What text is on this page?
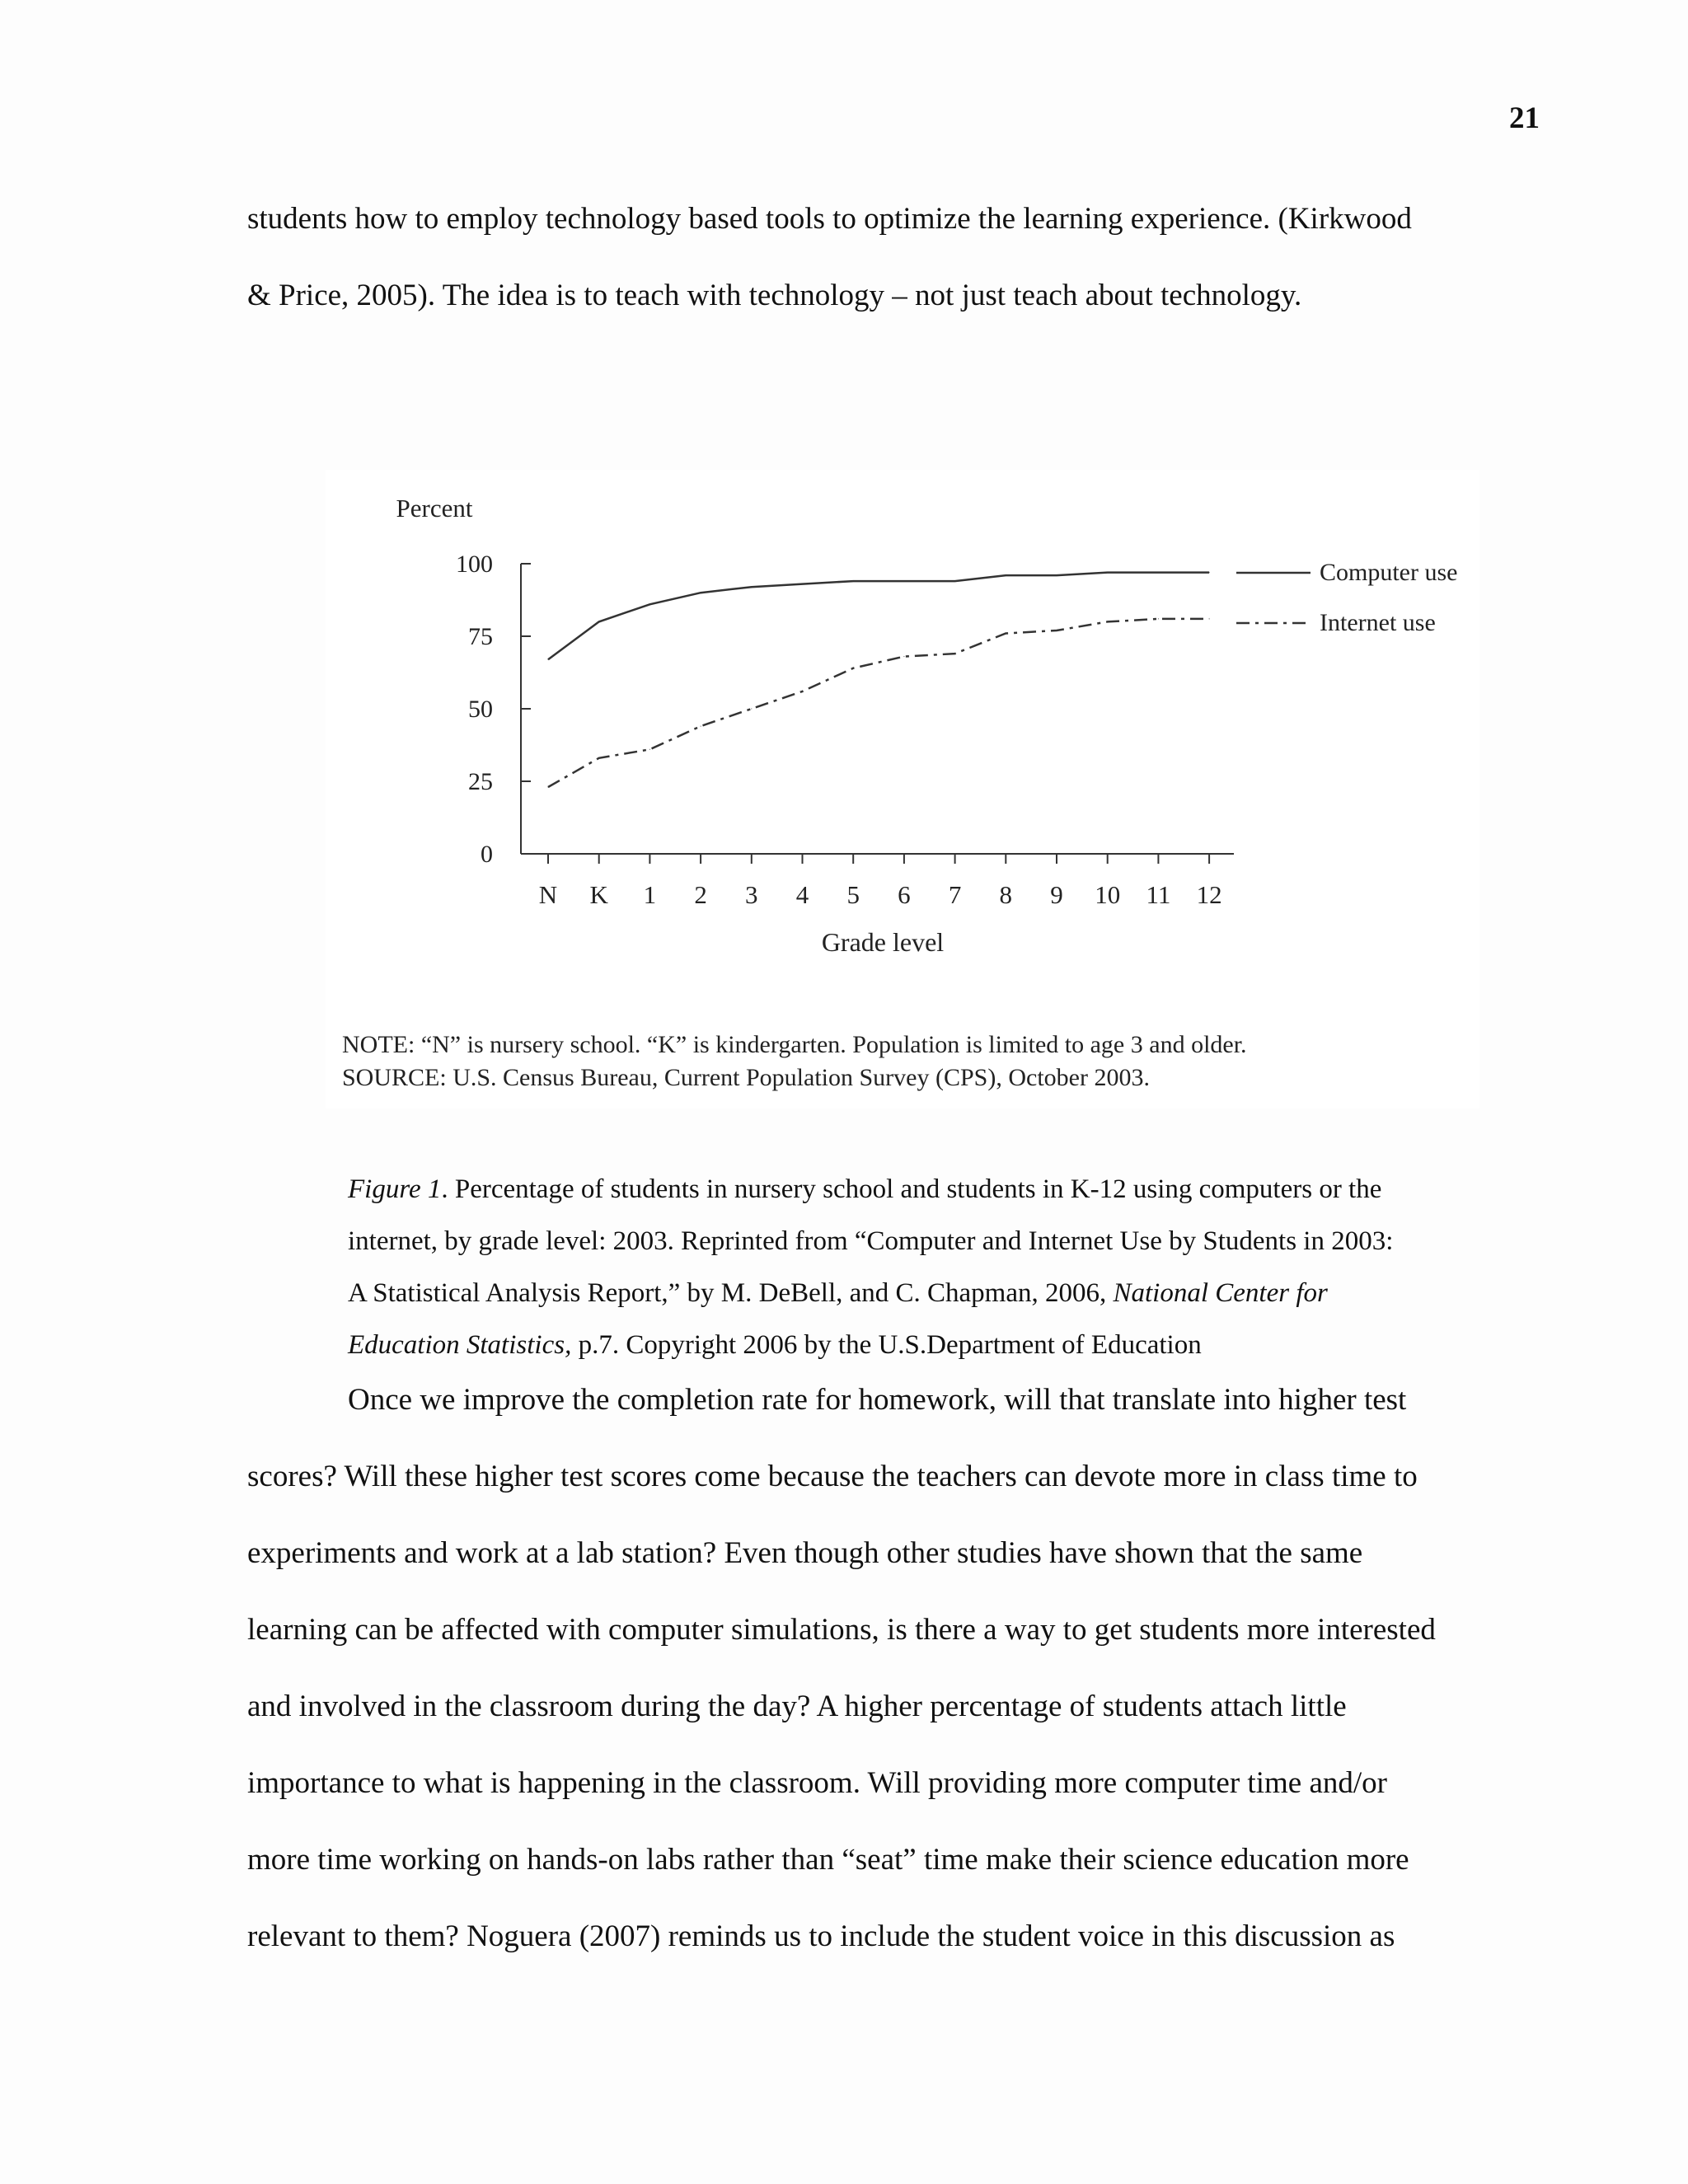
21

students how to employ technology based tools to optimize the learning experience. (Kirkwood
& Price, 2005). The idea is to teach with technology – not just teach about technology.

0
25
50
75
100
N K 1 2 3 4 5 6 7 8 9 10 11 12
Computer use
Internet use
Percent
Grade level

NOTE: “N” is nursery school. “K” is kindergarten. Population is limited to age 3 and older.
SOURCE: U.S. Census Bureau, Current Population Survey (CPS), October 2003.

Figure 1. Percentage of students in nursery school and students in K-12 using computers or the
internet, by grade level: 2003. Reprinted from “Computer and Internet Use by Students in 2003:
A Statistical Analysis Report,” by M. DeBell, and C. Chapman, 2006, National Center for
Education Statistics, p.7. Copyright 2006 by the U.S.Department of Education

Once we improve the completion rate for homework, will that translate into higher test
scores? Will these higher test scores come because the teachers can devote more in class time to
experiments and work at a lab station? Even though other studies have shown that the same
learning can be affected with computer simulations, is there a way to get students more interested
and involved in the classroom during the day? A higher percentage of students attach little
importance to what is happening in the classroom. Will providing more computer time and/or
more time working on hands-on labs rather than “seat” time make their science education more
relevant to them? Noguera (2007) reminds us to include the student voice in this discussion as
